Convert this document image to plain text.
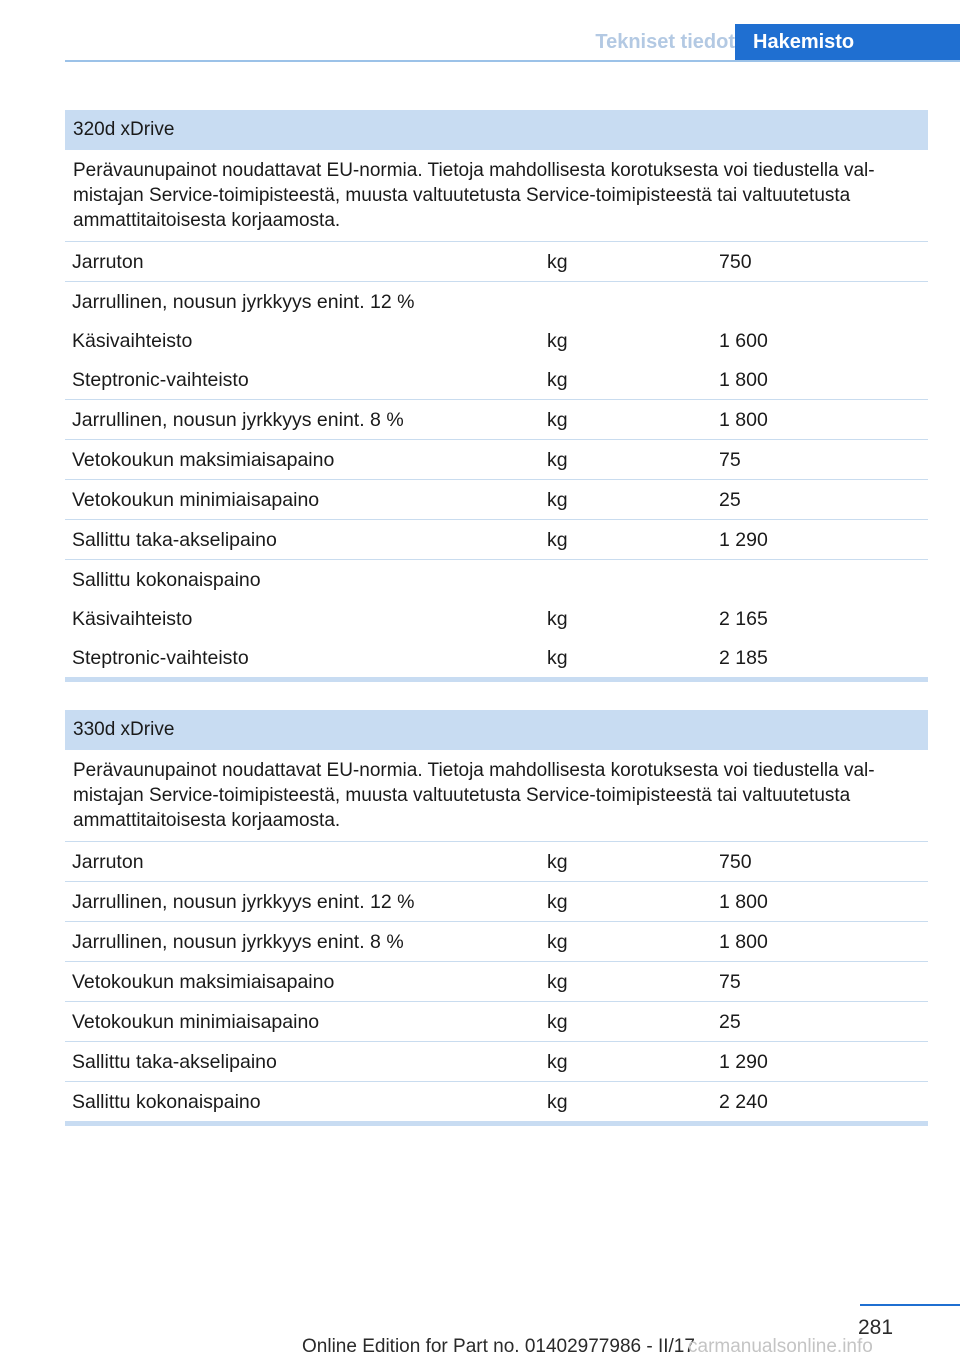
Tekniset tiedot Hakemisto
320d xDrive
Perävaunupainot noudattavat EU-normia. Tietoja mahdollisesta korotuksesta voi tiedustella valmistajan Service-toimipisteestä, muusta valtuutetusta Service-toimipisteestä tai valtuutetusta ammattitaitoisesta korjaamosta.
Jarruton	kg	750
Jarrullinen, nousun jyrkkyys enint. 12 %
Käsivaihteisto	kg	1 600
Steptronic-vaihteisto	kg	1 800
Jarrullinen, nousun jyrkkyys enint. 8 %	kg	1 800
Vetokoukun maksimiaisapaino	kg	75
Vetokoukun minimiaisapaino	kg	25
Sallittu taka-akselipaino	kg	1 290
Sallittu kokonaispaino
Käsivaihteisto	kg	2 165
Steptronic-vaihteisto	kg	2 185
330d xDrive
Perävaunupainot noudattavat EU-normia. Tietoja mahdollisesta korotuksesta voi tiedustella valmistajan Service-toimipisteestä, muusta valtuutetusta Service-toimipisteestä tai valtuutetusta ammattitaitoisesta korjaamosta.
Jarruton	kg	750
Jarrullinen, nousun jyrkkyys enint. 12 %	kg	1 800
Jarrullinen, nousun jyrkkyys enint. 8 %	kg	1 800
Vetokoukun maksimiaisapaino	kg	75
Vetokoukun minimiaisapaino	kg	25
Sallittu taka-akselipaino	kg	1 290
Sallittu kokonaispaino	kg	2 240
281
Online Edition for Part no. 01402977986 - II/17
carmanualsonline.info
